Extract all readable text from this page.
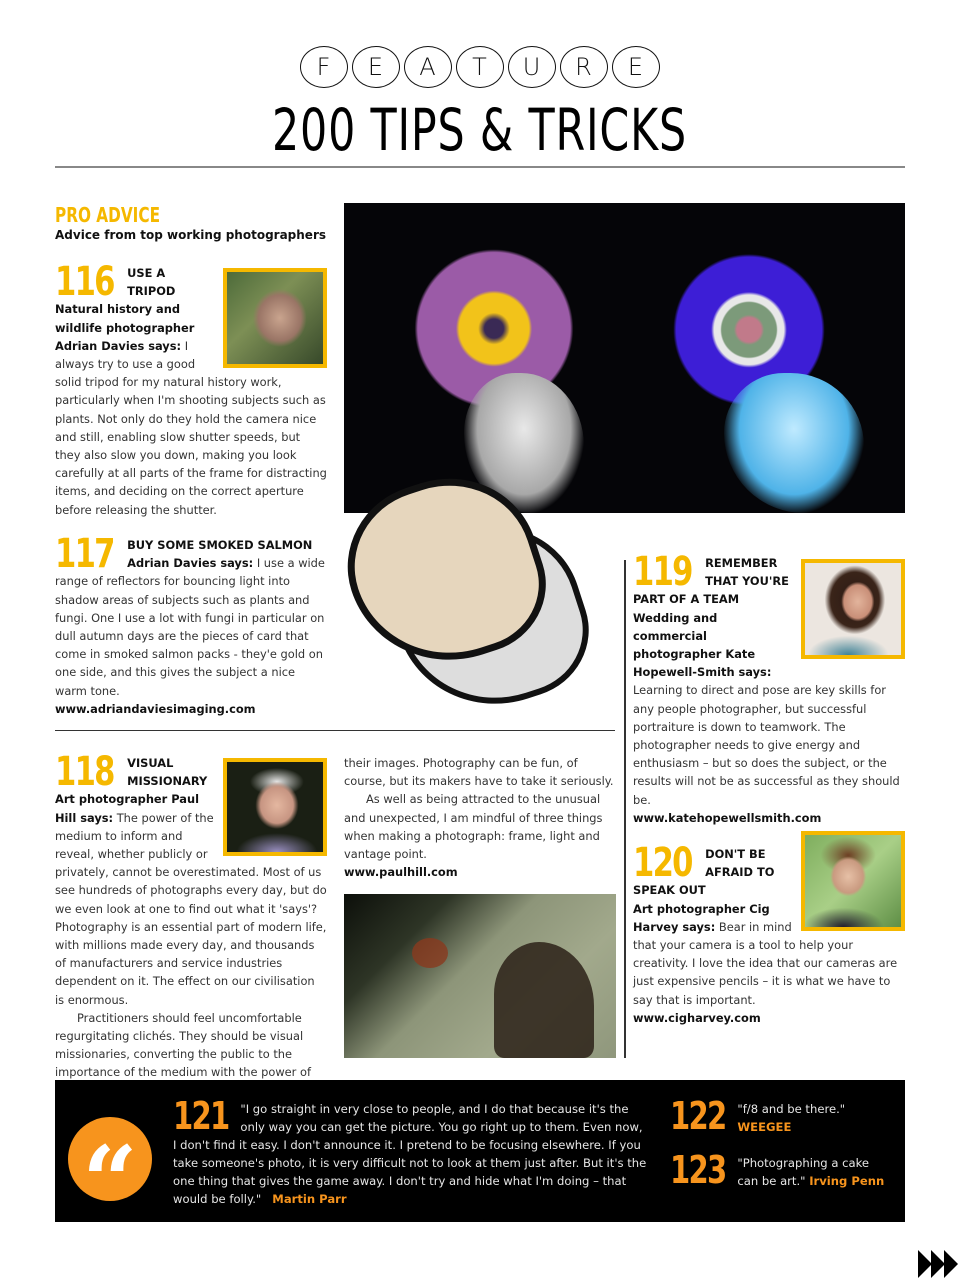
F	E	A	T	U	R	E
200 TIPS & TRICKS
PRO ADVICE
Advice from top working photographers
116	USE A TRIPOD
Natural history and wildlife photographer Adrian Davies says: I always try to use a good solid tripod for my natural history work, particularly when I'm shooting subjects such as plants. Not only do they hold the camera nice and still, enabling slow shutter speeds, but they also slow you down, making you look carefully at all parts of the frame for distracting items, and deciding on the correct aperture before releasing the shutter.
117	BUY SOME SMOKED SALMON
Adrian Davies says: I use a wide range of reflectors for bouncing light into shadow areas of subjects such as plants and fungi. One I use a lot with fungi in particular on dull autumn days are the pieces of card that come in smoked salmon packs - they'e gold on one side, and this gives the subject a nice warm tone.
www.adriandaviesimaging.com
118	VISUAL MISSIONARY
Art photographer Paul Hill says: The power of the medium to inform and reveal, whether publicly or privately, cannot be overestimated. Most of us see hundreds of photographs every day, but do we even look at one to find out what it 'says'? Photography is an essential part of modern life, with millions made every day, and thousands of manufacturers and service industries dependent on it. The effect on our civilisation is enormous.
Practitioners should feel uncomfortable regurgitating clichés. They should be visual missionaries, converting the public to the importance of the medium with the power of
their images. Photography can be fun, of course, but its makers have to take it seriously.
As well as being attracted to the unusual and unexpected, I am mindful of three things when making a photograph: frame, light and vantage point.
www.paulhill.com
119	REMEMBER THAT YOU'RE PART OF A TEAM
Wedding and commercial photographer Kate Hopewell-Smith says:
Learning to direct and pose are key skills for any people photographer, but successful portraiture is down to teamwork. The photographer needs to give energy and enthusiasm – but so does the subject, or the results will not be as successful as they should be.
www.katehopewellsmith.com
120	DON'T BE AFRAID TO SPEAK OUT
Art photographer Cig Harvey says: Bear in mind that your camera is a tool to help your creativity. I love the idea that our cameras are just expensive pencils – it is what we have to say that is important.
www.cigharvey.com
“
121 "I go straight in very close to people, and I do that because it's the only way you can get the picture. You go right up to them. Even now, I don't find it easy. I don't announce it. I pretend to be focusing elsewhere. If you take someone's photo, it is very difficult not to look at them just after. But it's the one thing that gives the game away. I don't try and hide what I'm doing – that would be folly." Martin Parr
122	"f/8 and be there."
WEEGEE
123 "Photographing a cake can be art." Irving Penn
